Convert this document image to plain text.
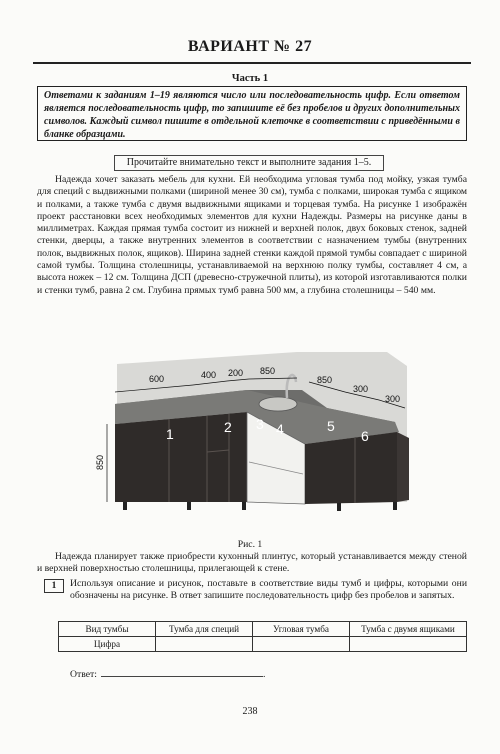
ВАРИАНТ № 27
Часть 1
Ответами к заданиям 1–19 являются число или последовательность цифр. Если ответом является последовательность цифр, то запишите её без пробелов и других дополнительных символов. Каждый символ пишите в отдельной клеточке в соответствии с приведёнными в бланке образцами.
Прочитайте внимательно текст и выполните задания 1–5.

Надежда хочет заказать мебель для кухни. Ей необходима угловая тумба под мойку, узкая тумба для специй с выдвижными полками (шириной менее 30 см), тумба с полками, широкая тумба с ящиком и полками, а также тумба с двумя выдвижными ящиками и торцевая тумба. На рисунке 1 изображён проект расстановки всех необходимых элементов для кухни Надежды. Размеры на рисунке даны в миллиметрах. Каждая прямая тумба состоит из нижней и верхней полок, двух боковых стенок, задней стенки, дверцы, а также внутренних элементов в соответствии с назначением тумбы (внутренних полок, выдвижных полок, ящиков). Ширина задней стенки каждой прямой тумбы совпадает с шириной самой тумбы. Толщина столешницы, устанавливаемой на верхнюю полку тумбы, составляет 4 см, а высота ножек – 12 см. Толщина ДСП (древесно-стружечной плиты), из которой изготавливаются полки и стенки тумб, равна 2 см. Глубина прямых тумб равна 500 мм, а глубина столешницы – 540 мм.

600	400 200 850
850
300
300
850
1	2 3 4	5
6
Рис. 1

Надежда планирует также приобрести кухонный плинтус, который устанавливается между стеной и верхней поверхностью столешницы, прилегающей к стене.

1	Используя описание и рисунок, поставьте в соответствие виды тумб и цифры, которыми они обозначены на рисунке. В ответ запишите последовательность цифр без пробелов и запятых.
Вид тумбы	Тумба для специй	Угловая тумба	Тумба с двумя ящиками
Цифра			
Ответ:	.
238
